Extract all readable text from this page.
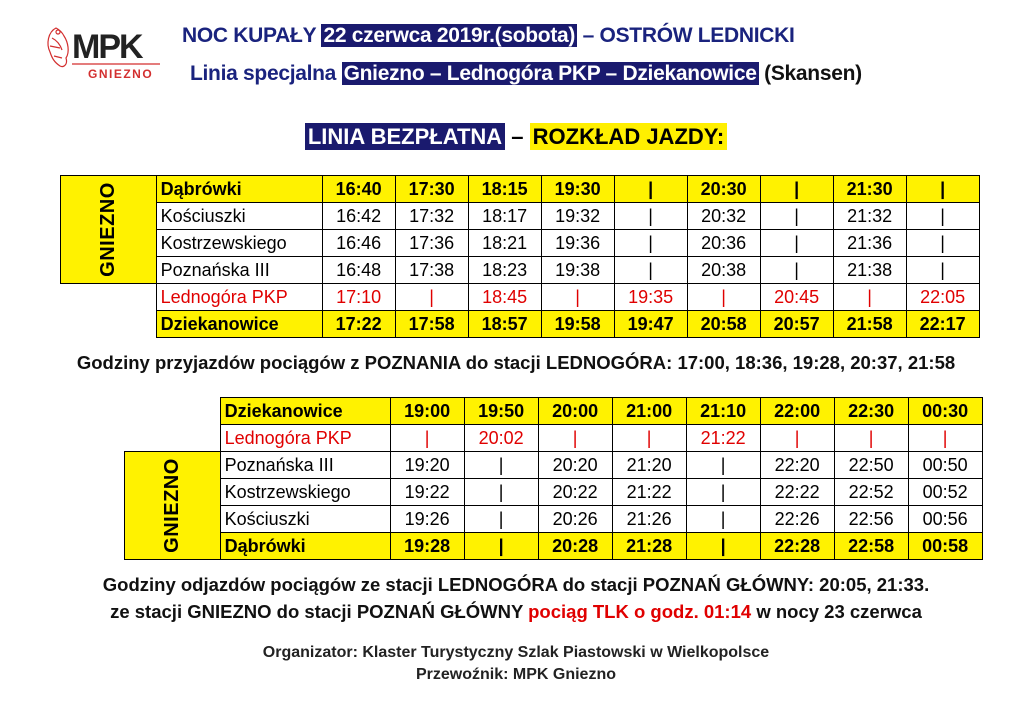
MPK
GNIEZNO
NOC KUPAŁY 22 czerwca 2019r.(sobota) – OSTRÓW LEDNICKI
Linia specjalna Gniezno – Lednogóra PKP – Dziekanowice (Skansen)
LINIA BEZPŁATNA – ROZKŁAD JAZDY:
GNIEZNO	Dąbrówki	16:40	17:30	18:15	19:30	|	20:30	|	21:30	|
	Kościuszki	16:42	17:32	18:17	19:32	|	20:32	|	21:32	|
	Kostrzewskiego	16:46	17:36	18:21	19:36	|	20:36	|	21:36	|
	Poznańska III	16:48	17:38	18:23	19:38	|	20:38	|	21:38	|
	Lednogóra PKP	17:10	|	18:45	|	19:35	|	20:45	|	22:05
	Dziekanowice	17:22	17:58	18:57	19:58	19:47	20:58	20:57	21:58	22:17
Godziny przyjazdów pociągów z POZNANIA do stacji LEDNOGÓRA: 17:00, 18:36, 19:28, 20:37, 21:58
	Dziekanowice	19:00	19:50	20:00	21:00	21:10	22:00	22:30	00:30
	Lednogóra PKP	|	20:02	|	|	21:22	|	|	|

GNIEZNO	Poznańska III	19:20	|	20:20	21:20	|	22:20	22:50	00:50
	Kostrzewskiego	19:22	|	20:22	21:22	|	22:22	22:52	00:52
	Kościuszki	19:26	|	20:26	21:26	|	22:26	22:56	00:56
	Dąbrówki	19:28	|	20:28	21:28	|	22:28	22:58	00:58
Godziny odjazdów pociągów ze stacji LEDNOGÓRA do stacji POZNAŃ GŁÓWNY: 20:05, 21:33.
ze stacji GNIEZNO do stacji POZNAŃ GŁÓWNY pociąg TLK o godz. 01:14 w nocy 23 czerwca
Organizator: Klaster Turystyczny Szlak Piastowski w Wielkopolsce
Przewoźnik: MPK Gniezno
